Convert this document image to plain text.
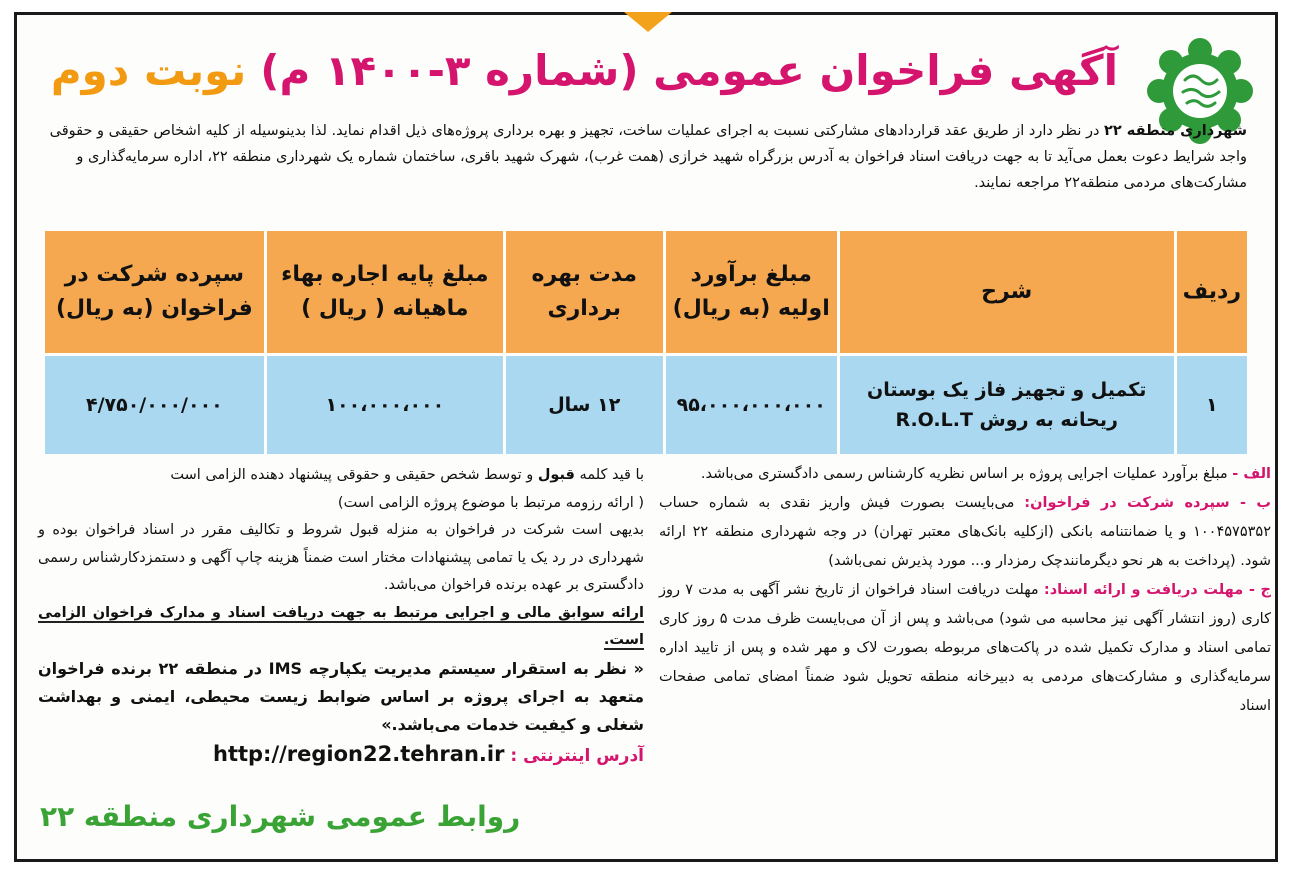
آگهی فراخوان عمومی (شماره ۳-۱۴۰۰ م)نوبت دوم
شهرداری منطقه ۲۲ در نظر دارد از طریق عقد قراردادهای مشارکتی نسبت به اجرای عملیات ساخت، تجهیز و بهره برداری پروژه‌های ذیل اقدام نماید. لذا بدینوسیله از کلیه اشخاص حقیقی و حقوقی واجد شرایط دعوت بعمل می‌آید تا به جهت دریافت اسناد فراخوان به آدرس بزرگراه شهید خرازی (همت غرب)، شهرک شهید باقری، ساختمان شماره یک شهرداری منطقه ۲۲، اداره سرمایه‌گذاری و مشارکت‌های مردمی منطقه۲۲ مراجعه نمایند.
ردیف	شرح	مبلغ برآورد اولیه (به ریال)	مدت بهره برداری	مبلغ پایه اجاره بهاء ماهیانه ( ریال )	سپرده شرکت در فراخوان (به ریال)
۱	تکمیل و تجهیز فاز یک بوستان ریحانه به روش R.O.L.T	۹۵،۰۰۰،۰۰۰،۰۰۰	۱۲ سال	۱۰۰،۰۰۰،۰۰۰	۴/۷۵۰/۰۰۰/۰۰۰
الف - مبلغ برآورد عملیات اجرایی پروژه بر اساس نظریه کارشناس رسمی دادگستری می‌باشد.
ب - سپرده شرکت در فراخوان: می‌بایست بصورت فیش واریز نقدی به شماره حساب ۱۰۰۴۵۷۵۳۵۲ و یا ضمانتنامه بانکی (ازکلیه بانک‌های معتبر تهران) در وجه شهرداری منطقه ۲۲ ارائه شود. (پرداخت به هر نحو دیگرمانندچک رمزدار و... مورد پذیرش نمی‌باشد)
ج - مهلت دریافت و ارائه اسناد: مهلت دریافت اسناد فراخوان از تاریخ نشر آگهی به مدت ۷ روز کاری (روز انتشار آگهی نیز محاسبه می شود) می‌باشد و پس از آن می‌بایست ظرف مدت ۵ روز کاری تمامی اسناد و مدارک تکمیل شده در پاکت‌های مربوطه بصورت لاک و مهر شده و پس از تایید اداره سرمایه‌گذاری و مشارکت‌های مردمی به دبیرخانه منطقه تحویل شود ضمناً امضای تمامی صفحات اسناد
با قید کلمه قبول و توسط شخص حقیقی و حقوقی پیشنهاد دهنده الزامی است
( ارائه رزومه مرتبط با موضوع پروژه الزامی است)
بدیهی است شرکت در فراخوان به منزله قبول شروط و تکالیف مقرر در اسناد فراخوان بوده و شهرداری در رد یک یا تمامی پیشنهادات مختار است ضمناً هزینه چاپ آگهی و دستمزدکارشناس رسمی دادگستری بر عهده برنده فراخوان می‌باشد.
ارائه سوابق مالی و اجرایی مرتبط به جهت دریافت اسناد و مدارک فراخوان الزامی است.
« نظر به استقرار سیستم مدیریت یکپارچه IMS در منطقه ۲۲ برنده فراخوان متعهد به اجرای پروژه بر اساس ضوابط زیست محیطی، ایمنی و بهداشت شغلی و کیفیت خدمات می‌باشد.»
آدرس اینترنتی : http://region22.tehran.ir
روابط عمومی شهرداری منطقه ۲۲
